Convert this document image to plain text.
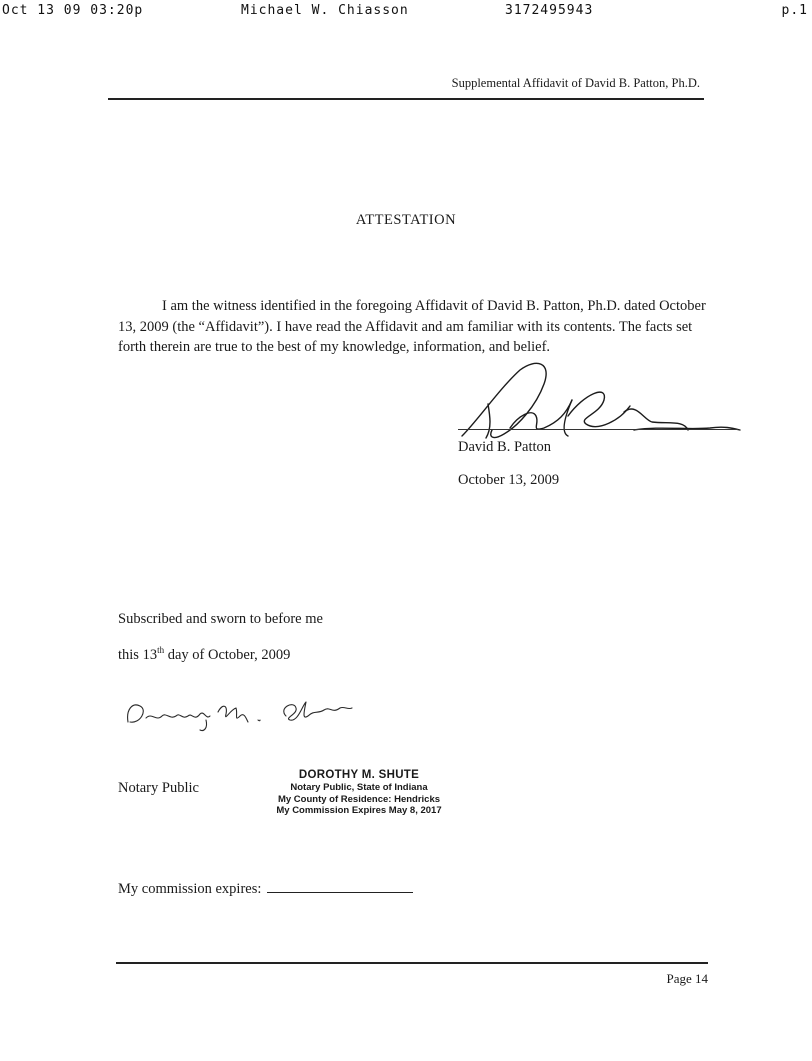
Oct 13 09 03:20p	Michael W. Chiasson	3172495943	p.1
Supplemental Affidavit of David B. Patton, Ph.D.
ATTESTATION
I am the witness identified in the foregoing Affidavit of David B. Patton, Ph.D. dated October 13, 2009 (the “Affidavit”). I have read the Affidavit and am familiar with its contents. The facts set forth therein are true to the best of my knowledge, information, and belief.
David B. Patton
October 13, 2009
Subscribed and sworn to before me
this 13th day of October, 2009
Notary Public
DOROTHY M. SHUTE
Notary Public, State of Indiana
My County of Residence: Hendricks
My Commission Expires May 8, 2017
My commission expires:
Page 14
